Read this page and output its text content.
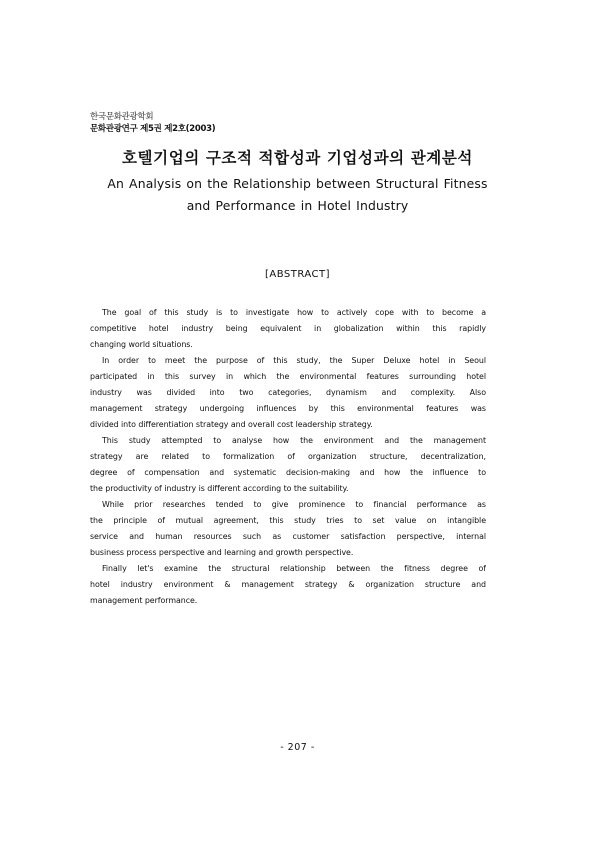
한국문화관광학회
문화관광연구 제5권 제2호(2003)
호텔기업의 구조적 적합성과 기업성과의 관계분석
An Analysis on the Relationship between Structural Fitness
and Performance in Hotel Industry
[ABSTRACT]
The goal of this study is to investigate how to actively cope with to become a
competitive hotel industry being equivalent in globalization within this rapidly
changing world situations.
In order to meet the purpose of this study, the Super Deluxe hotel in Seoul
participated in this survey in which the environmental features surrounding hotel
industry was divided into two categories, dynamism and complexity. Also
management strategy undergoing influences by this environmental features was
divided into differentiation strategy and overall cost leadership strategy.
This study attempted to analyse how the environment and the management
strategy are related to formalization of organization structure, decentralization,
degree of compensation and systematic decision-making and how the influence to
the productivity of industry is different according to the suitability.
While prior researches tended to give prominence to financial performance as
the principle of mutual agreement, this study tries to set value on intangible
service and human resources such as customer satisfaction perspective, internal
business process perspective and learning and growth perspective.
Finally let's examine the structural relationship between the fitness degree of
hotel industry environment & management strategy & organization structure and
management performance.
- 207 -
